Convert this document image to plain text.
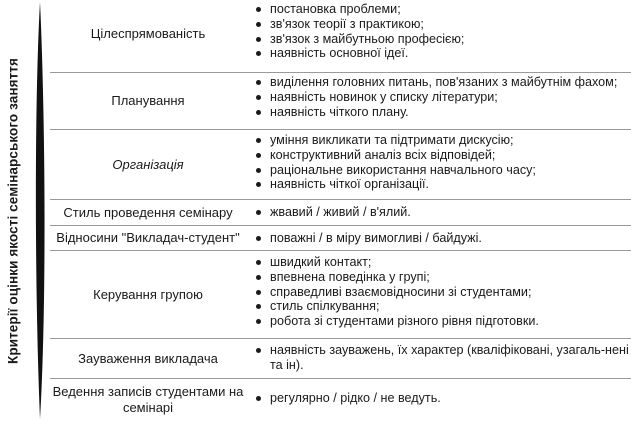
Критерії оцінки якості семінарського заняття
Цілеспрямованість
постановка проблеми;
зв'язок теорії з практикою;
зв'язок з майбутньою професією;
наявність основної ідеї.
Планування
виділення головних питань, пов'язаних з майбутнім фахом;
наявність новинок у списку літератури;
наявність чіткого плану.
Організація
уміння викликати та підтримати дискусію;
конструктивний аналіз всіх відповідей;
раціональне використання навчального часу;
наявність чіткої організації.
Стиль проведення семінару	жвавий / живий / в'ялий.
Відносини "Викладач-студент"	поважні / в міру вимогливі / байдужі.
Керування групою
швидкий контакт;
впевнена поведінка у групі;
справедливі взаємовідносини зі студентами;
стиль спілкування;
робота зі студентами різного рівня підготовки.
Зауваження викладача
наявність зауважень, їх характер (кваліфіковані, узагаль-нені та ін).
Ведення записів студентами на семінарі
регулярно / рідко / не ведуть.
